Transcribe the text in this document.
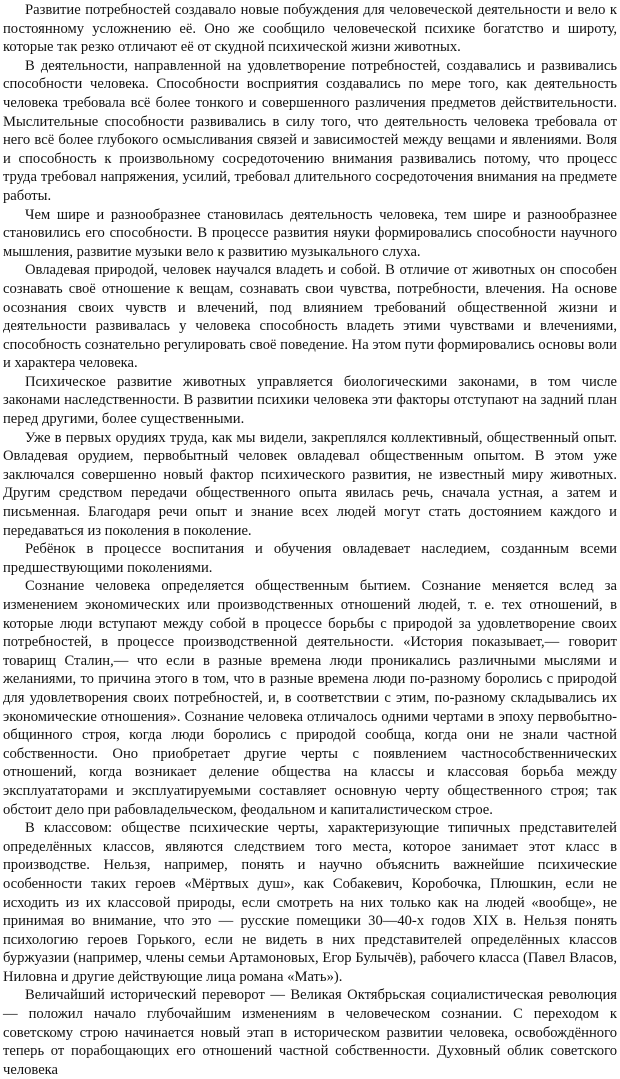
Развитие потребностей создавало новые побуждения для человеческой деятельности и вело к постоянному усложнению её. Оно же сообщило человеческой психике богатство и широту, которые так резко отличают её от скудной психической жизни животных.

В деятельности, направленной на удовлетворение потребностей, создавались и развивались способности человека. Способности восприятия создавались по мере того, как деятельность человека требовала всё более тонкого и совершенного различения предметов действительности. Мыслительные способности развивались в силу того, что деятельность человека требовала от него всё более глубокого осмысливания связей и зависимостей между вещами и явлениями. Воля и способность к произвольному сосредоточению внимания развивались потому, что процесс труда требовал напряжения, усилий, требовал длительного сосредоточения внимания на предмете работы.

Чем шире и разнообразнее становилась деятельность человека, тем шире и разнообразнее становились его способности. В процессе развития няуки формировались способности научного мышления, развитие музыки вело к развитию музыкального слуха.

Овладевая природой, человек научался владеть и собой. В отличие от животных он способен сознавать своё отношение к вещам, сознавать свои чувства, потребности, влечения. На основе осознания своих чувств и влечений, под влиянием требований общественной жизни и деятельности развивалась у человека способность владеть этими чувствами и влечениями, способность сознательно регулировать своё поведение. На этом пути формировались основы воли и характера человека.

Психическое развитие животных управляется биологическими законами, в том числе законами наследственности. В развитии психики человека эти факторы отступают на задний план перед другими, более существенными.

Уже в первых орудиях труда, как мы видели, закреплялся коллективный, общественный опыт. Овладевая орудием, первобытный человек овладевал общественным опытом. В этом уже заключался совершенно новый фактор психического развития, не известный миру животных. Другим средством передачи общественного опыта явилась речь, сначала устная, а затем и письменная. Благодаря речи опыт и знание всех людей могут стать достоянием каждого и передаваться из поколения в поколение.

Ребёнок в процессе воспитания и обучения овладевает наследием, созданным всеми предшествующими поколениями.

Сознание человека определяется общественным бытием. Сознание меняется вслед за изменением экономических или производственных отношений людей, т. е. тех отношений, в которые люди вступают между собой в процессе борьбы с природой за удовлетворение своих потребностей, в процессе производственной деятельности. «История показывает,— говорит товарищ Сталин,— что если в разные времена люди проникались различными мыслями и желаниями, то причина этого в том, что в разные времена люди по-разному боролись с природой для удовлетворения своих потребностей, и, в соответствии с этим, по-разному складывались их экономические отношения». Сознание человека отличалось одними чертами в эпоху первобытно-общинного строя, когда люди боролись с природой сообща, когда они не знали частной собственности. Оно приобретает другие черты с появлением частнособственнических отношений, когда возникает деление общества на классы и классовая борьба между эксплуататорами и эксплуатируемыми составляет основную черту общественного строя; так обстоит дело при рабовладельческом, феодальном и капиталистическом строе.

В классовом: обществе психические черты, характеризующие типичных представителей определённых классов, являются следствием того места, которое занимает этот класс в производстве. Нельзя, например, понять и научно объяснить важнейшие психические особенности таких героев «Мёртвых душ», как Собакевич, Коробочка, Плюшкин, если не исходить из их классовой природы, если смотреть на них только как на людей «вообще», не принимая во внимание, что это — русские помещики 30—40-х годов XIX в. Нельзя понять психологию героев Горького, если не видеть в них представителей определённых классов буржуазии (например, члены семьи Артамоновых, Егор Булычёв), рабочего класса (Павел Власов, Ниловна и другие действующие лица романа «Мать»).

Величайший исторический переворот — Великая Октябрьская социалистическая революция — положил начало глубочайшим изменениям в человеческом сознании. С переходом к советскому строю начинается новый этап в историческом развитии человека, освобождённого теперь от порабощающих его отношений частной собственности. Духовный облик советского человека
